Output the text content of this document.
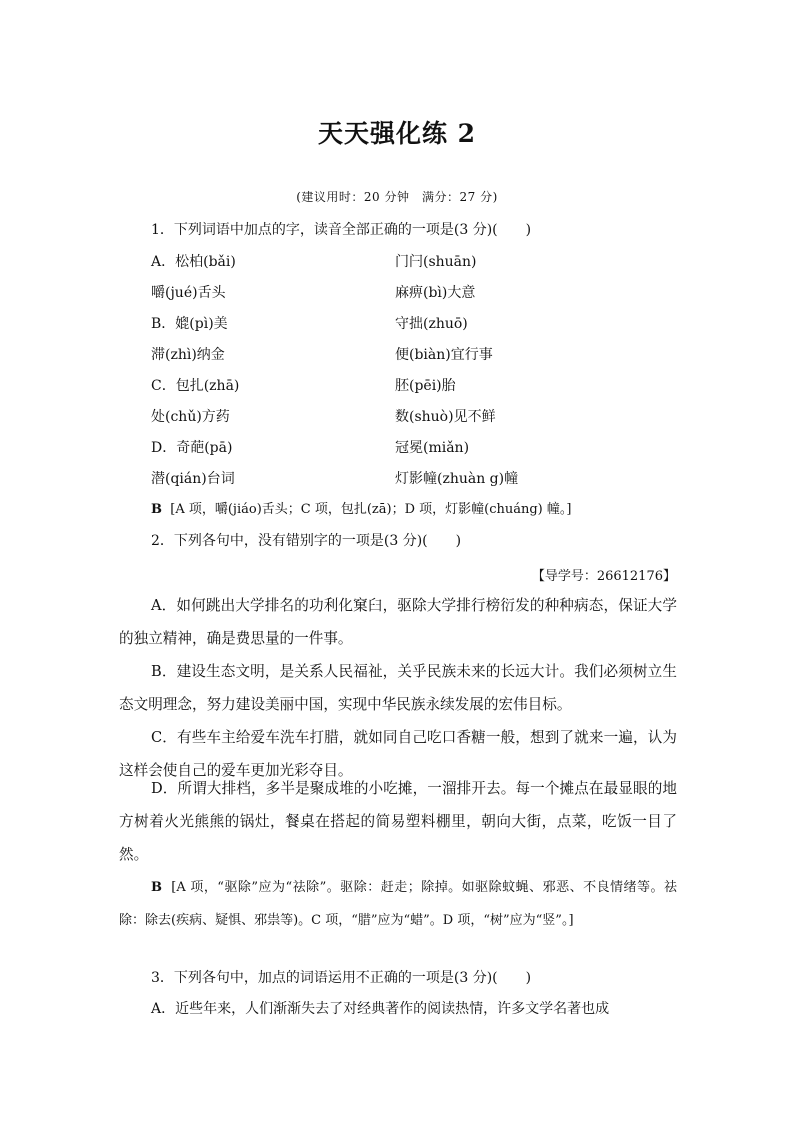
天天强化练 2
(建议用时：20 分钟　满分：27 分)
1．下列词语中加点的字，读音全部正确的一项是(3 分)(　　)
A．松柏(bǎi)	门闩(shuān)
嚼(jué)舌头	麻痹(bì)大意
B．媲(pì)美	守拙(zhuō)
滞(zhì)纳金	便(biàn)宜行事
C．包扎(zhā)	胚(pēi)胎
处(chǔ)方药	数(shuò)见不鲜
D．奇葩(pā)	冠冕(miǎn)
潜(qián)台词	灯影幢(zhuàn g)幢
B [A 项，嚼(jiáo)舌头；C 项，包扎(zā)；D 项，灯影幢(chuáng) 幢。]
2．下列各句中，没有错别字的一项是(3 分)(　　)
【导学号：26612176】
A．如何跳出大学排名的功利化窠臼，驱除大学排行榜衍发的种种病态，保证大学的独立精神，确是费思量的一件事。
B．建设生态文明，是关系人民福祉，关乎民族未来的长远大计。我们必须树立生态文明理念，努力建设美丽中国，实现中华民族永续发展的宏伟目标。
C．有些车主给爱车洗车打腊，就如同自己吃口香糖一般，想到了就来一遍，认为这样会使自己的爱车更加光彩夺目。
D．所谓大排档，多半是聚成堆的小吃摊，一溜排开去。每一个摊点在最显眼的地方树着火光熊熊的锅灶，餐桌在搭起的简易塑料棚里，朝向大街，点菜，吃饭一目了然。
B [A 项，“驱除”应为“祛除”。驱除：赶走；除掉。如驱除蚊蝇、邪恶、不良情绪等。祛除：除去(疾病、疑惧、邪祟等)。C 项，“腊”应为“蜡”。D 项，“树”应为“竖”。]
3．下列各句中，加点的词语运用不正确的一项是(3 分)(　　)
A．近些年来，人们渐渐失去了对经典著作的阅读热情，许多文学名著也成
